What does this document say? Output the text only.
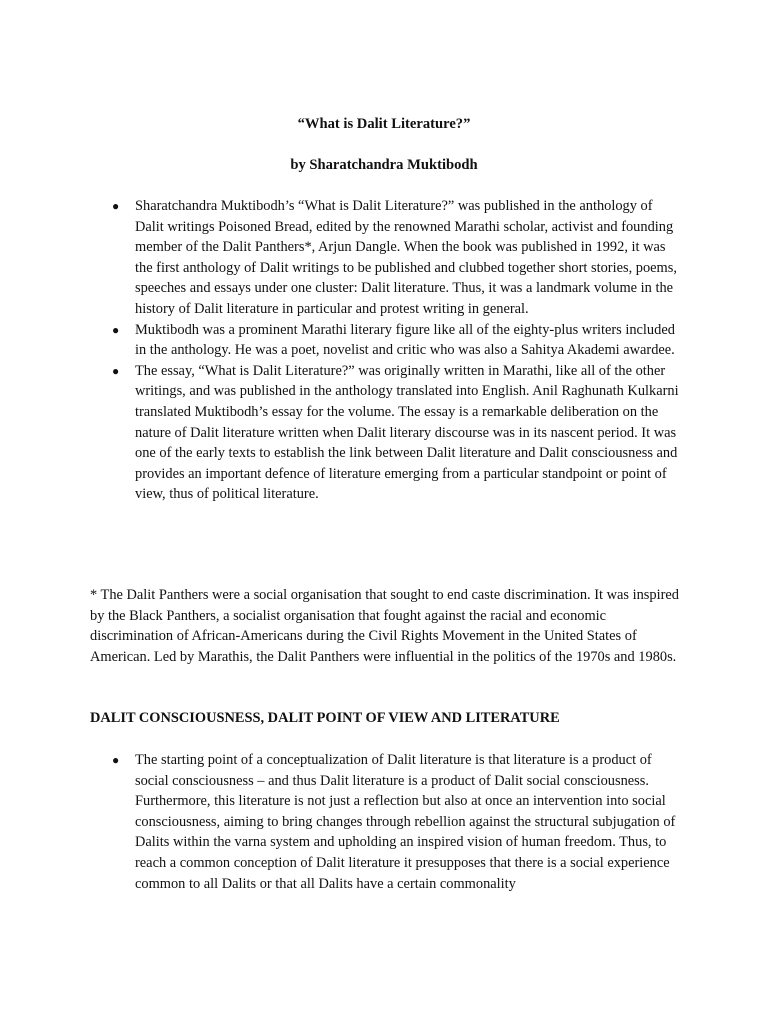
“What is Dalit Literature?”

by Sharatchandra Muktibodh

● Sharatchandra Muktibodh’s “What is Dalit Literature?” was published in the anthology of Dalit writings Poisoned Bread, edited by the renowned Marathi scholar, activist and founding member of the Dalit Panthers*, Arjun Dangle. When the book was published in 1992, it was the first anthology of Dalit writings to be published and clubbed together short stories, poems, speeches and essays under one cluster: Dalit literature. Thus, it was a landmark volume in the history of Dalit literature in particular and protest writing in general.
● Muktibodh was a prominent Marathi literary figure like all of the eighty-plus writers included in the anthology. He was a poet, novelist and critic who was also a Sahitya Akademi awardee.
● The essay, “What is Dalit Literature?” was originally written in Marathi, like all of the other writings, and was published in the anthology translated into English. Anil Raghunath Kulkarni translated Muktibodh’s essay for the volume. The essay is a remarkable deliberation on the nature of Dalit literature written when Dalit literary discourse was in its nascent period. It was one of the early texts to establish the link between Dalit literature and Dalit consciousness and provides an important defence of literature emerging from a particular standpoint or point of view, thus of political literature.

* The Dalit Panthers were a social organisation that sought to end caste discrimination. It was inspired by the Black Panthers, a socialist organisation that fought against the racial and economic discrimination of African-Americans during the Civil Rights Movement in the United States of American. Led by Marathis, the Dalit Panthers were influential in the politics of the 1970s and 1980s.

DALIT CONSCIOUSNESS, DALIT POINT OF VIEW AND LITERATURE
● The starting point of a conceptualization of Dalit literature is that literature is a product of social consciousness – and thus Dalit literature is a product of Dalit social consciousness. Furthermore, this literature is not just a reflection but also at once an intervention into social consciousness, aiming to bring changes through rebellion against the structural subjugation of Dalits within the varna system and upholding an inspired vision of human freedom. Thus, to reach a common conception of Dalit literature it presupposes that there is a social experience common to all Dalits or that all Dalits have a certain commonality
